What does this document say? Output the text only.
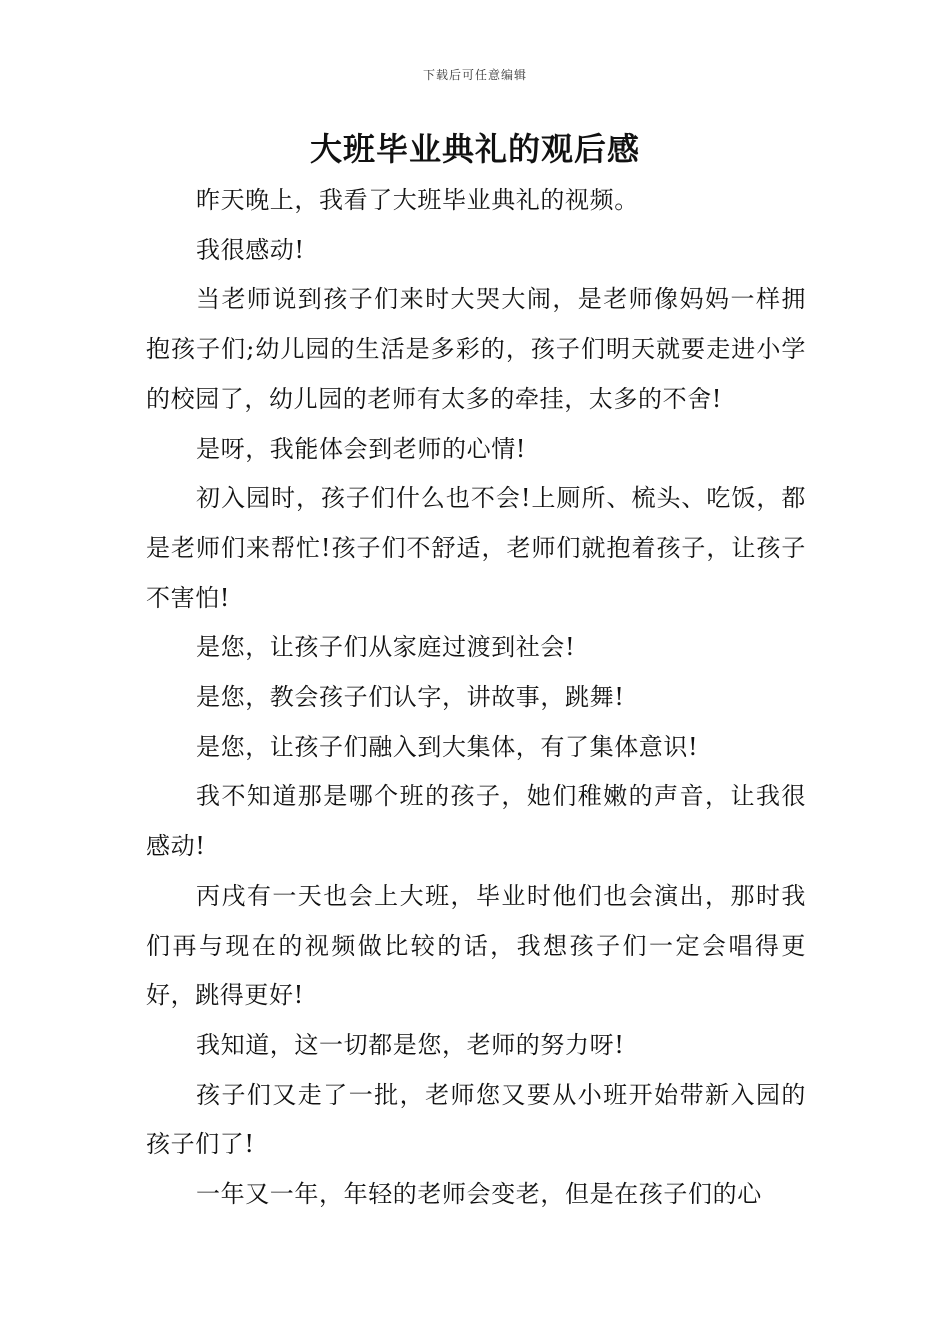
下载后可任意编辑
大班毕业典礼的观后感

昨天晚上，我看了大班毕业典礼的视频。

我很感动!

当老师说到孩子们来时大哭大闹，是老师像妈妈一样拥抱孩子们;幼儿园的生活是多彩的，孩子们明天就要走进小学的校园了，幼儿园的老师有太多的牵挂，太多的不舍!

是呀，我能体会到老师的心情!

初入园时，孩子们什么也不会!上厕所、梳头、吃饭，都是老师们来帮忙!孩子们不舒适，老师们就抱着孩子，让孩子不害怕!

是您，让孩子们从家庭过渡到社会!

是您，教会孩子们认字，讲故事，跳舞!

是您，让孩子们融入到大集体，有了集体意识!

我不知道那是哪个班的孩子，她们稚嫩的声音，让我很感动!

丙戌有一天也会上大班，毕业时他们也会演出，那时我们再与现在的视频做比较的话，我想孩子们一定会唱得更好，跳得更好!

我知道，这一切都是您，老师的努力呀!

孩子们又走了一批，老师您又要从小班开始带新入园的孩子们了!

一年又一年，年轻的老师会变老，但是在孩子们的心
